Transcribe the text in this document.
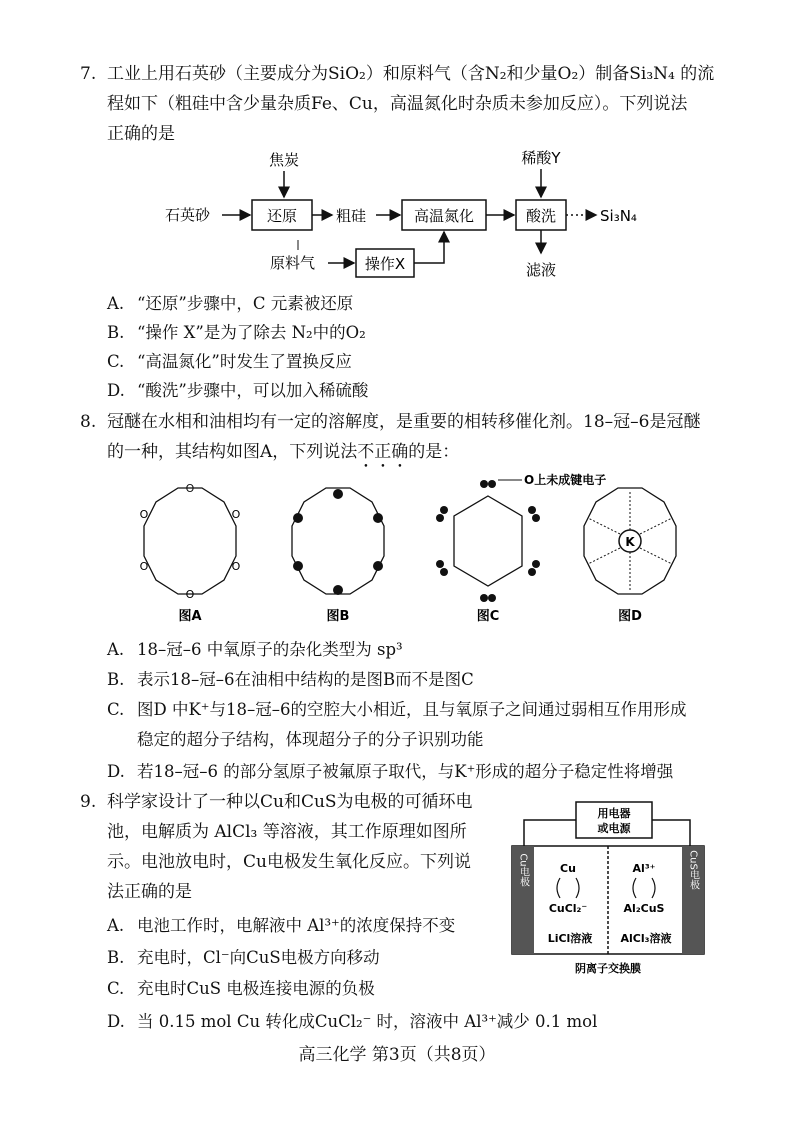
7. 工业上用石英砂（主要成分为SiO₂）和原料气（含N₂和少量O₂）制备Si₃N₄ 的流
程如下（粗硅中含少量杂质Fe、Cu，高温氮化时杂质未参加反应）。下列说法
正确的是
焦炭
石英砂	还原	粗硅	高温氮化	酸洗
稀酸Y
Si₃N₄
滤液
原料气	操作X
A. “还原”步骤中，C 元素被还原
B. “操作 X”是为了除去 N₂中的O₂
C. “高温氮化”时发生了置换反应
D. “酸洗”步骤中，可以加入稀硫酸
8. 冠醚在水相和油相均有一定的溶解度，是重要的相转移催化剂。18–冠–6是冠醚
的一种，其结构如图A，下列说法不正确的是：
O
O
O
O
O
O
图A	图B
O上未成键电子
图C
K
图D
A. 18–冠–6 中氧原子的杂化类型为 sp³
B. 表示18–冠–6在油相中结构的是图B而不是图C
C. 图D 中K⁺与18–冠–6的空腔大小相近，且与氧原子之间通过弱相互作用形成
稳定的超分子结构，体现超分子的分子识别功能
D. 若18–冠–6 的部分氢原子被氟原子取代，与K⁺形成的超分子稳定性将增强
9. 科学家设计了一种以Cu和CuS为电极的可循环电
池，电解质为 AlCl₃ 等溶液，其工作原理如图所
示。电池放电时，Cu电极发生氧化反应。下列说
法正确的是
用电器
或电源
Cu电极	CuS电极
Cu
CuCl₂⁻
Al³⁺
Al₂CuS
LiCl溶液	AlCl₃溶液
阴离子交换膜
A. 电池工作时，电解液中 Al³⁺的浓度保持不变
B. 充电时，Cl⁻向CuS电极方向移动
C. 充电时CuS 电极连接电源的负极
D. 当 0.15 mol Cu 转化成CuCl₂⁻ 时，溶液中 Al³⁺减少 0.1 mol
高三化学 第3页（共8页）
